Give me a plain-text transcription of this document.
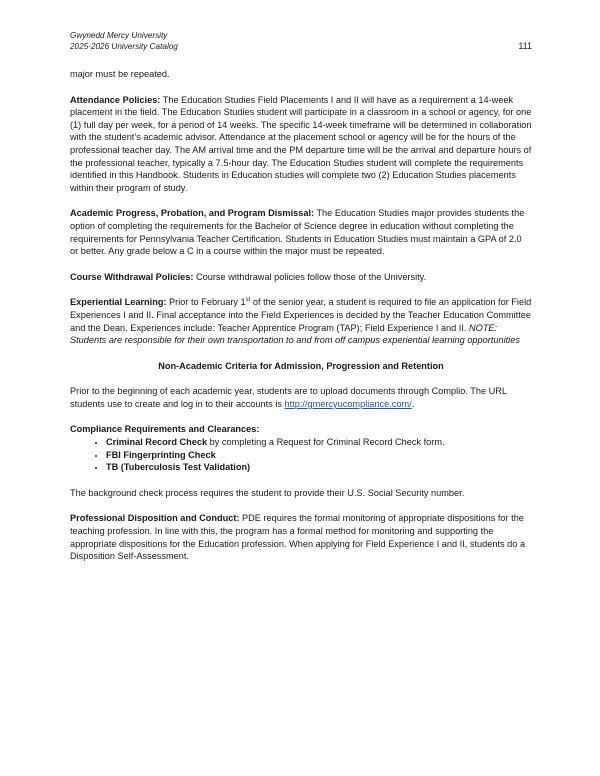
Gwynedd Mercy University
2025-2026 University Catalog	111

major must be repeated.

Attendance Policies: The Education Studies Field Placements I and II will have as a requirement a 14-week placement in the field. The Education Studies student will participate in a classroom in a school or agency, for one (1) full day per week, for a period of 14 weeks. The specific 14-week timeframe will be determined in collaboration with the student’s academic advisor. Attendance at the placement school or agency will be for the hours of the professional teacher day. The AM arrival time and the PM departure time will be the arrival and departure hours of the professional teacher, typically a 7.5-hour day. The Education Studies student will complete the requirements identified in this Handbook. Students in Education studies will complete two (2) Education Studies placements within their program of study.

Academic Progress, Probation, and Program Dismissal: The Education Studies major provides students the option of completing the requirements for the Bachelor of Science degree in education without completing the requirements for Pennsylvania Teacher Certification. Students in Education Studies must maintain a GPA of 2.0 or better. Any grade below a C in a course within the major must be repeated.

Course Withdrawal Policies: Course withdrawal policies follow those of the University.

Experiential Learning: Prior to February 1st of the senior year, a student is required to file an application for Field Experiences I and II. Final acceptance into the Field Experiences is decided by the Teacher Education Committee and the Dean. Experiences include: Teacher Apprentice Program (TAP); Field Experience I and II. NOTE: Students are responsible for their own transportation to and from off campus experiential learning opportunities

Non-Academic Criteria for Admission, Progression and Retention

Prior to the beginning of each academic year, students are to upload documents through Complio. The URL students use to create and log in to their accounts is http://gmercyucompliance.com/.

Compliance Requirements and Clearances:
• Criminal Record Check by completing a Request for Criminal Record Check form.
• FBI Fingerprinting Check
• TB (Tuberculosis Test Validation)

The background check process requires the student to provide their U.S. Social Security number.

Professional Disposition and Conduct: PDE requires the formal monitoring of appropriate dispositions for the teaching profession. In line with this, the program has a formal method for monitoring and supporting the appropriate dispositions for the Education profession. When applying for Field Experience I and II, students do a Disposition Self-Assessment.
